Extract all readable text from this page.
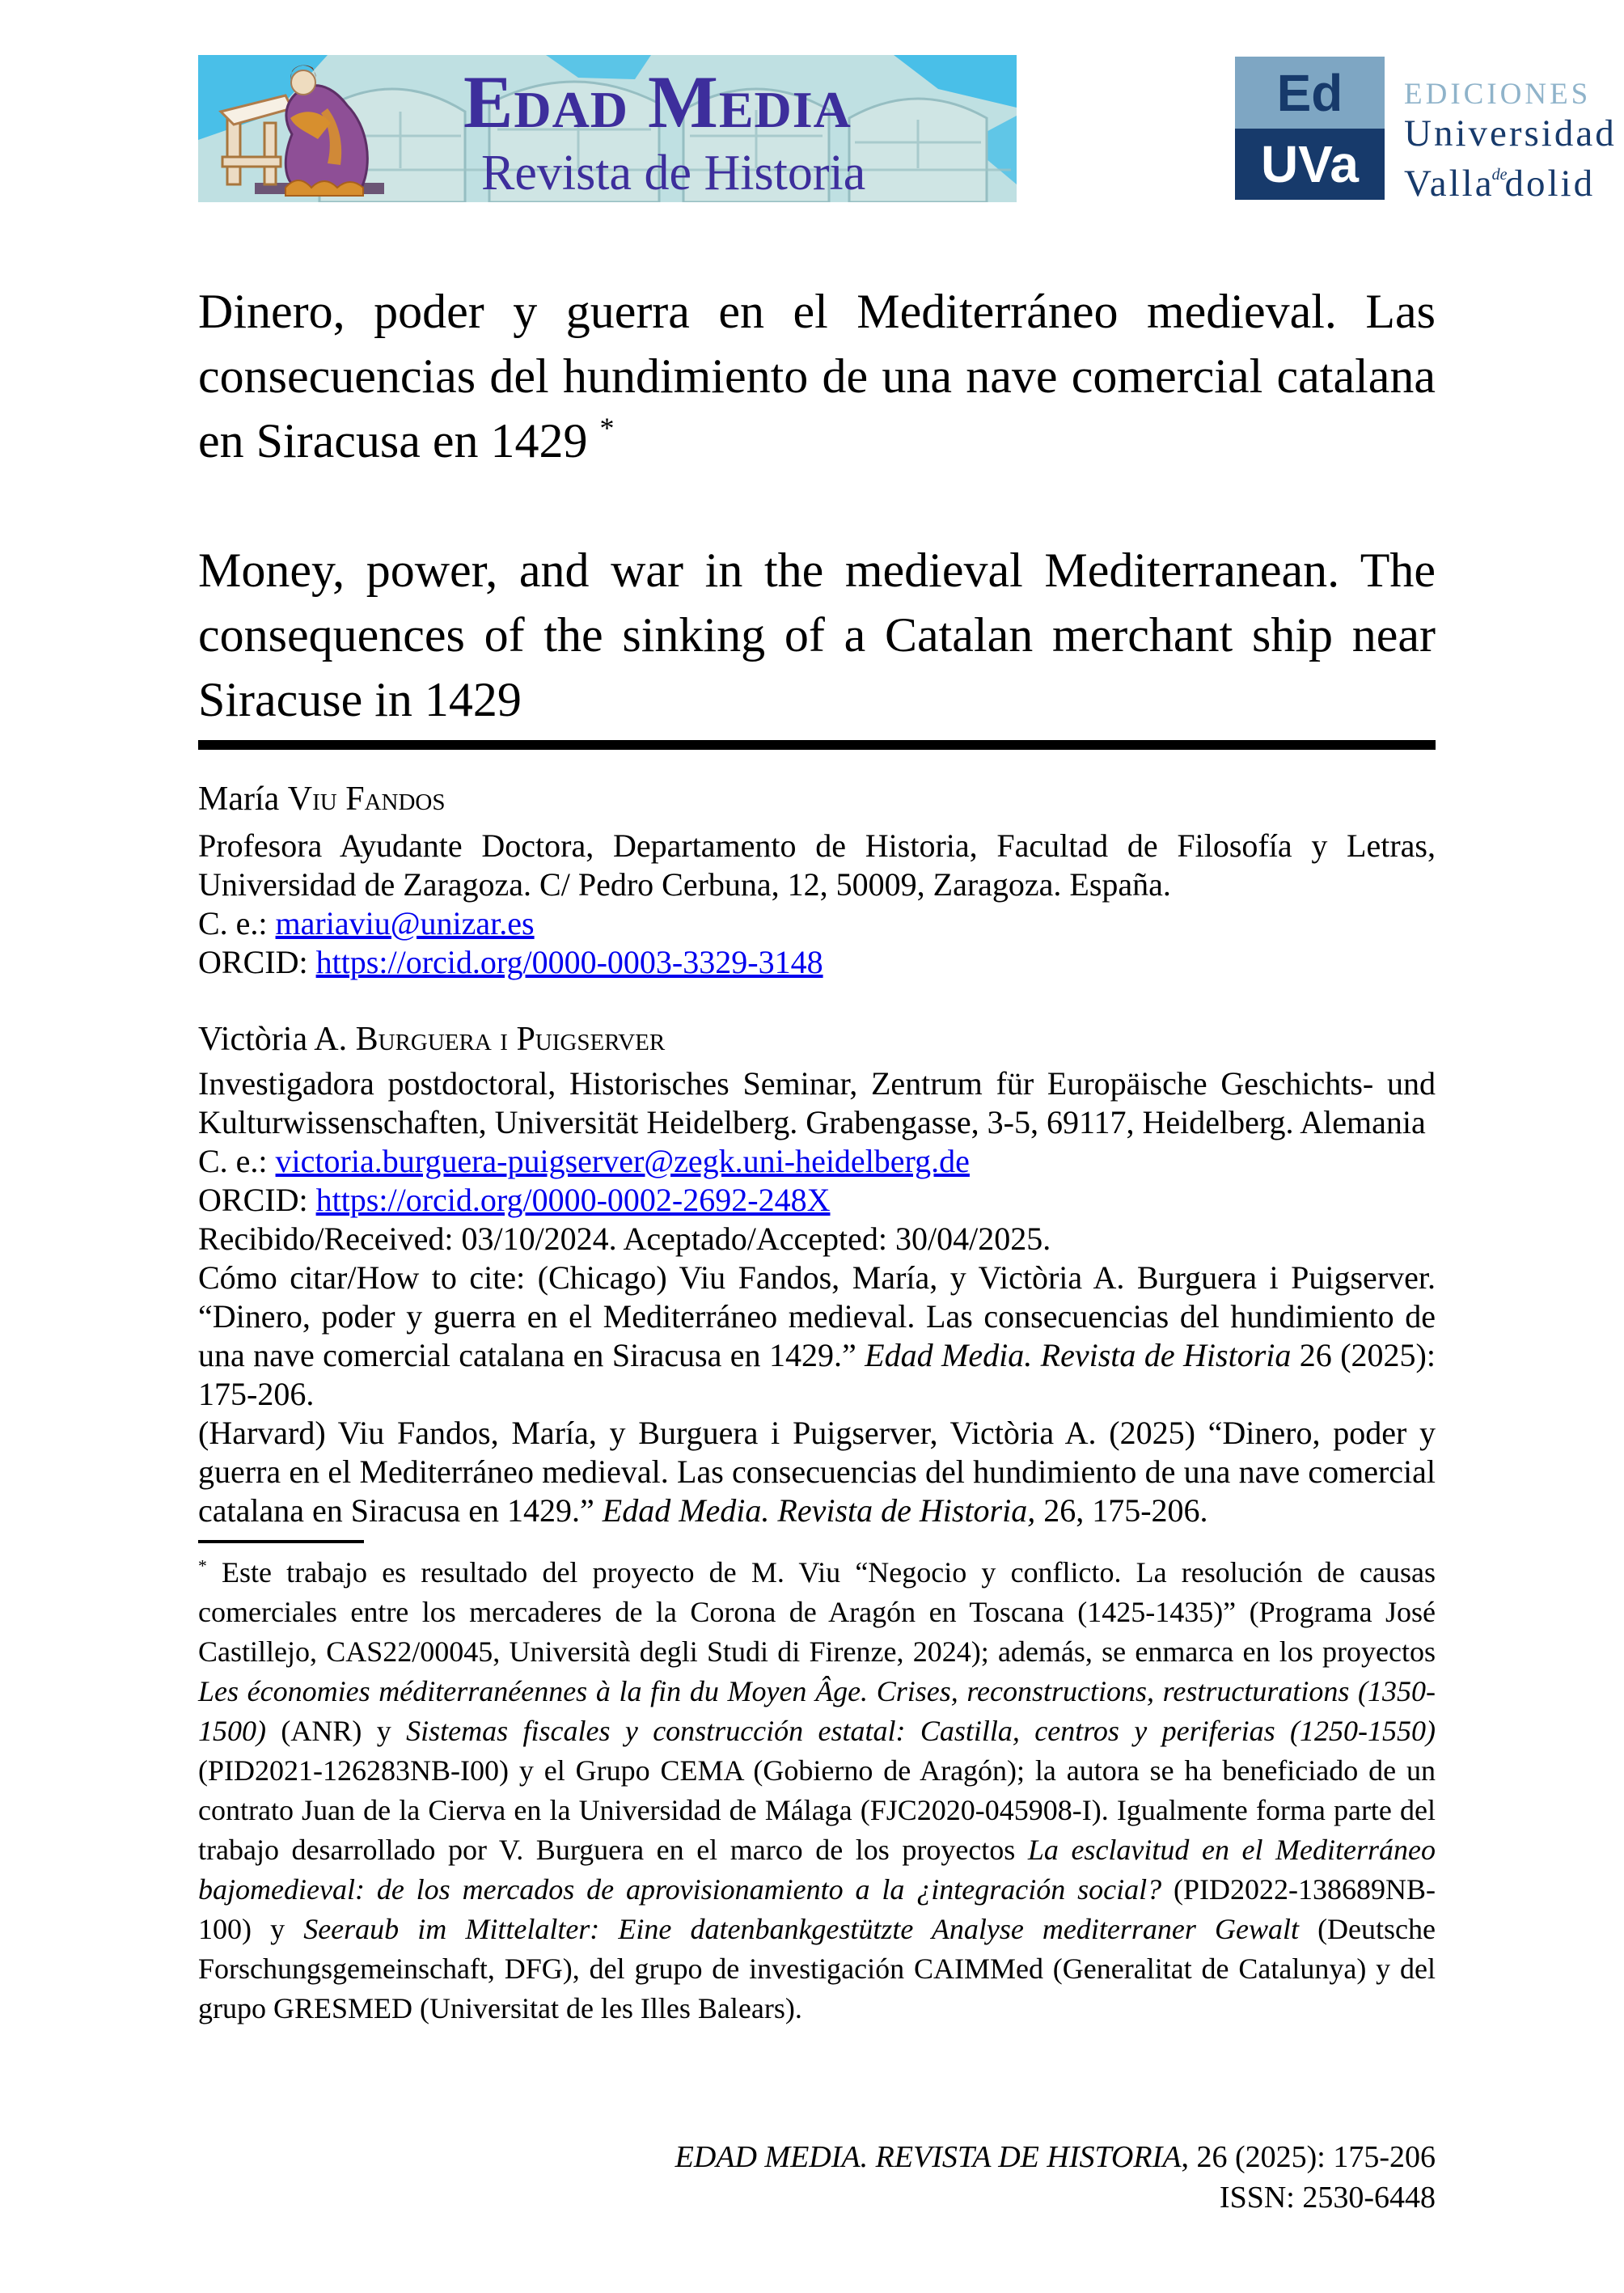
Edad Media
Revista de Historia
Ed
UVa
EDICIONES
Universidad
Valla$^{de}$dolid
Dinero, poder y guerra en el Mediterráneo medieval. Las consecuencias del hundimiento de una nave comercial catalana en Siracusa en 1429 *
Money, power, and war in the medieval Mediterranean. The consequences of the sinking of a Catalan merchant ship near Siracuse in 1429

María Viu Fandos

Profesora Ayudante Doctora, Departamento de Historia, Facultad de Filosofía y Letras, Universidad de Zaragoza. C/ Pedro Cerbuna, 12, 50009, Zaragoza. España.

C. e.: mariaviu@unizar.es

ORCID: https://orcid.org/0000-0003-3329-3148

Victòria A. Burguera i Puigserver

Investigadora postdoctoral, Historisches Seminar, Zentrum für Europäische Geschichts- und Kulturwissenschaften, Universität Heidelberg. Grabengasse, 3-5, 69117, Heidelberg. Alemania

C. e.: victoria.burguera-puigserver@zegk.uni-heidelberg.de

ORCID: https://orcid.org/0000-0002-2692-248X

Recibido/Received: 03/10/2024. Aceptado/Accepted: 30/04/2025.

Cómo citar/How to cite: (Chicago) Viu Fandos, María, y Victòria A. Burguera i Puigserver. “Dinero, poder y guerra en el Mediterráneo medieval. Las consecuencias del hundimiento de una nave comercial catalana en Siracusa en 1429.” Edad Media. Revista de Historia 26 (2025): 175-206.

(Harvard) Viu Fandos, María, y Burguera i Puigserver, Victòria A. (2025) “Dinero, poder y guerra en el Mediterráneo medieval. Las consecuencias del hundimiento de una nave comercial catalana en Siracusa en 1429.” Edad Media. Revista de Historia, 26, 175-206.

* Este trabajo es resultado del proyecto de M. Viu “Negocio y conflicto. La resolución de causas comerciales entre los mercaderes de la Corona de Aragón en Toscana (1425-1435)” (Programa José Castillejo, CAS22/00045, Università degli Studi di Firenze, 2024); además, se enmarca en los proyectos Les économies méditerranéennes à la fin du Moyen Âge. Crises, reconstructions, restructurations (1350-1500) (ANR) y Sistemas fiscales y construcción estatal: Castilla, centros y periferias (1250-1550) (PID2021-126283NB-I00) y el Grupo CEMA (Gobierno de Aragón); la autora se ha beneficiado de un contrato Juan de la Cierva en la Universidad de Málaga (FJC2020-045908-I). Igualmente forma parte del trabajo desarrollado por V. Burguera en el marco de los proyectos La esclavitud en el Mediterráneo bajomedieval: de los mercados de aprovisionamiento a la ¿integración social? (PID2022-138689NB-100) y Seeraub im Mittelalter: Eine datenbankgestützte Analyse mediterraner Gewalt (Deutsche Forschungsgemeinschaft, DFG), del grupo de investigación CAIMMed (Generalitat de Catalunya) y del grupo GRESMED (Universitat de les Illes Balears).

EDAD MEDIA. REVISTA DE HISTORIA, 26 (2025): 175-206
ISSN: 2530-6448
